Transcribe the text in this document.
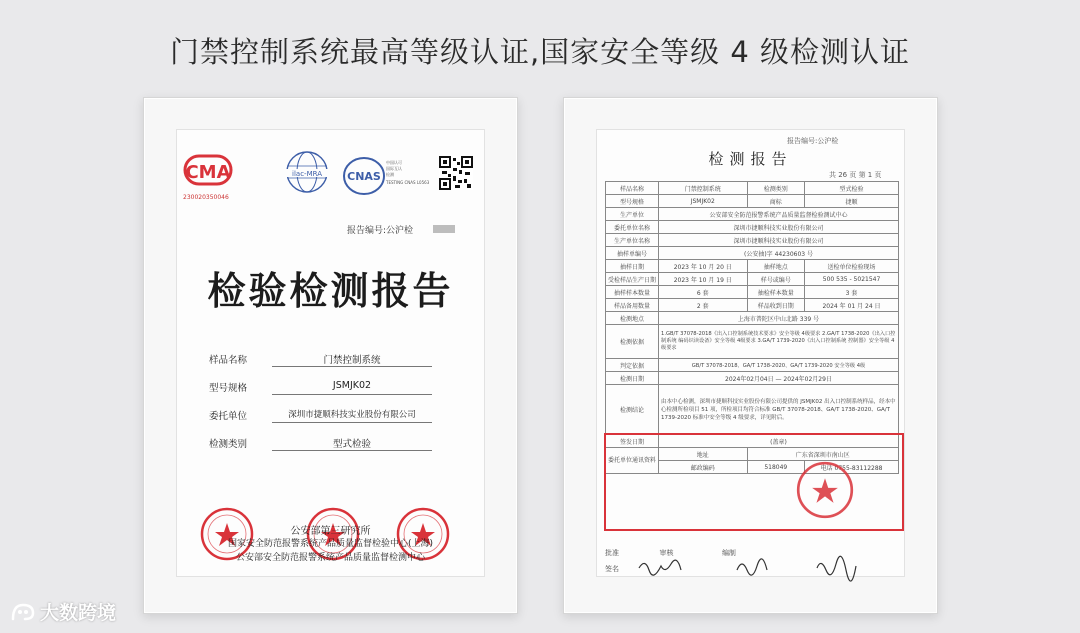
门禁控制系统最高等级认证,国家安全等级 4 级检测认证
CMA
230020350046
ilac-MRA CNAS
中国认可
国际互认
检测
TESTING CNAS L0563
报告编号:公沪检
检验检测报告
样品名称	门禁控制系统
型号规格	JSMJK02
委托单位	深圳市捷顺科技实业股份有限公司
检测类别	型式检验
公安部第三研究所
国家安全防范报警系统产品质量监督检验中心(上海)
公安部安全防范报警系统产品质量监督检测中心
报告编号:公沪检
检测报告
共 26 页 第 1 页
样品名称	门禁控制系统	检测类别	型式检验
型号规格	JSMJK02	商标	捷顺
生产单位	公安部安全防范报警系统产品质量监督检验测试中心		
委托单位名称	深圳市捷顺科技实业股份有限公司		
生产单位名称	深圳市捷顺科技实业股份有限公司		
抽样单编号	(公安抽)字 44230603 号		
抽样日期	2023 年 10 月 20 日	抽样地点	送检单位检验现场
受检样品生产日期	2023 年 10 月 19 日	样号或编号	500 535 - 5021547
抽样样本数量	6 套	抽检样本数量	3 套
样品备用数量	2 套	样品收到日期	2024 年 01 月 24 日
检测地点	上海市普陀区中山北路 339 号		
检测依据	1.GB/T 37078-2018《出入口控制系统技术要求》安全等级 4级要求 2.GA/T 1738-2020《出入口控制系统 编码识读设备》安全等级 4级要求 3.GA/T 1739-2020《出入口控制系统 控制器》安全等级 4级要求		
判定依据	GB/T 37078-2018、GA/T 1738-2020、GA/T 1739-2020 安全等级 4级		
检测日期	2024年02月04日 — 2024年02月29日		
检测结论	由本中心检测，深圳市捷顺科技实业股份有限公司提供的 JSMJK02 出入口控制系统样品，经本中心检测所检项目 51 项，所检项目均符合标准 GB/T 37078-2018、GA/T 1738-2020、GA/T 1739-2020 标准中安全等级 4 级要求，详见附后。		
签发日期	(盖章)		
委托单位通讯资料	地址	广东省深圳市南山区	
	邮政编码	518049	电话 0755-83112288
批准	审核	编制
签名
大数跨境
